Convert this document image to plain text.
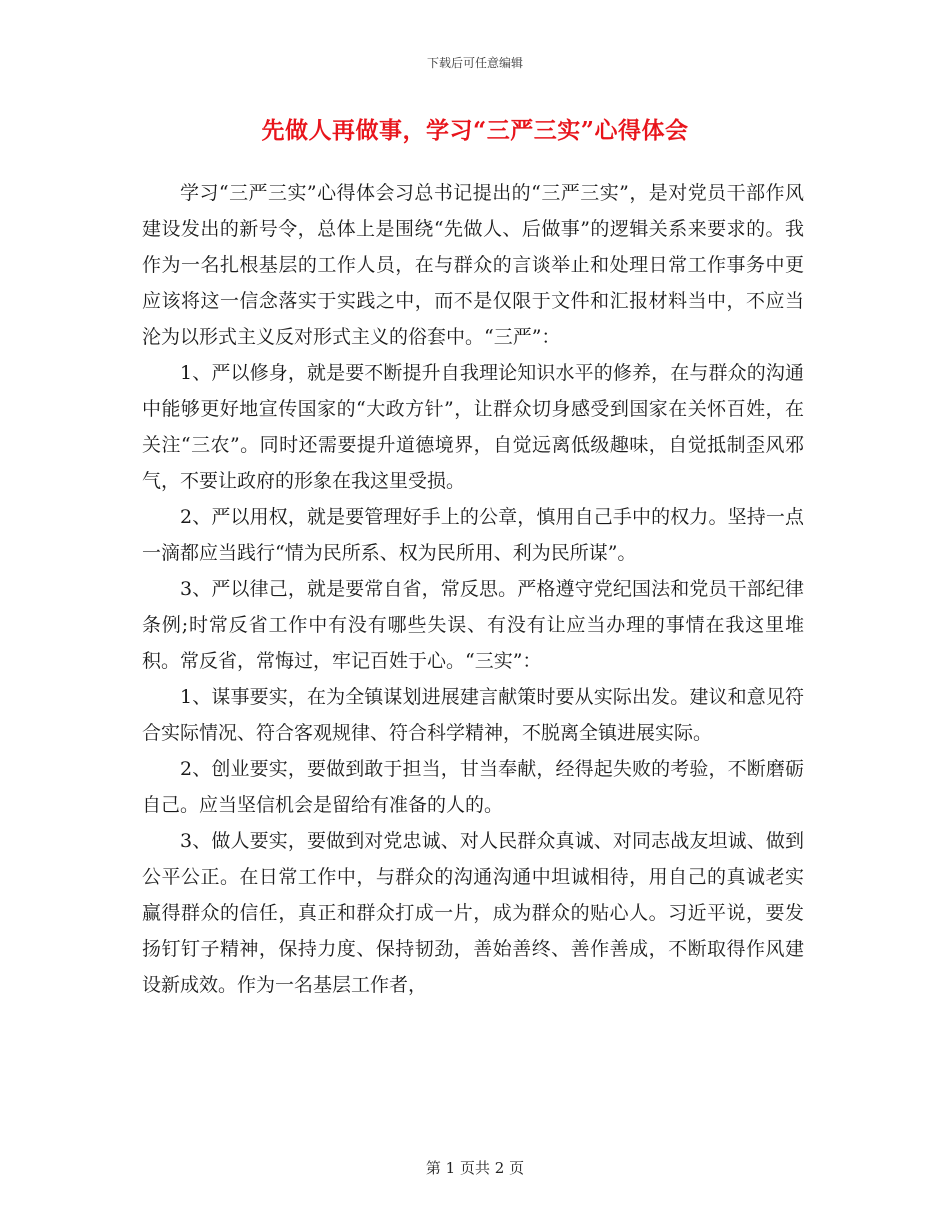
下载后可任意编辑
先做人再做事，学习“三严三实”心得体会

学习“三严三实”心得体会习总书记提出的“三严三实”，是对党员干部作风建设发出的新号令，总体上是围绕“先做人、后做事”的逻辑关系来要求的。我作为一名扎根基层的工作人员，在与群众的言谈举止和处理日常工作事务中更应该将这一信念落实于实践之中，而不是仅限于文件和汇报材料当中，不应当沦为以形式主义反对形式主义的俗套中。“三严”：

1、严以修身，就是要不断提升自我理论知识水平的修养，在与群众的沟通中能够更好地宣传国家的“大政方针”，让群众切身感受到国家在关怀百姓，在关注“三农”。同时还需要提升道德境界，自觉远离低级趣味，自觉抵制歪风邪气，不要让政府的形象在我这里受损。

2、严以用权，就是要管理好手上的公章，慎用自己手中的权力。坚持一点一滴都应当践行“情为民所系、权为民所用、利为民所谋”。

3、严以律己，就是要常自省，常反思。严格遵守党纪国法和党员干部纪律条例;时常反省工作中有没有哪些失误、有没有让应当办理的事情在我这里堆积。常反省，常悔过，牢记百姓于心。“三实”：

1、谋事要实，在为全镇谋划进展建言献策时要从实际出发。建议和意见符合实际情况、符合客观规律、符合科学精神，不脱离全镇进展实际。

2、创业要实，要做到敢于担当，甘当奉献，经得起失败的考验，不断磨砺自己。应当坚信机会是留给有准备的人的。

3、做人要实，要做到对党忠诚、对人民群众真诚、对同志战友坦诚、做到公平公正。在日常工作中，与群众的沟通沟通中坦诚相待，用自己的真诚老实赢得群众的信任，真正和群众打成一片，成为群众的贴心人。习近平说，要发扬钉钉子精神，保持力度、保持韧劲，善始善终、善作善成，不断取得作风建设新成效。作为一名基层工作者，

第 1 页共 2 页
